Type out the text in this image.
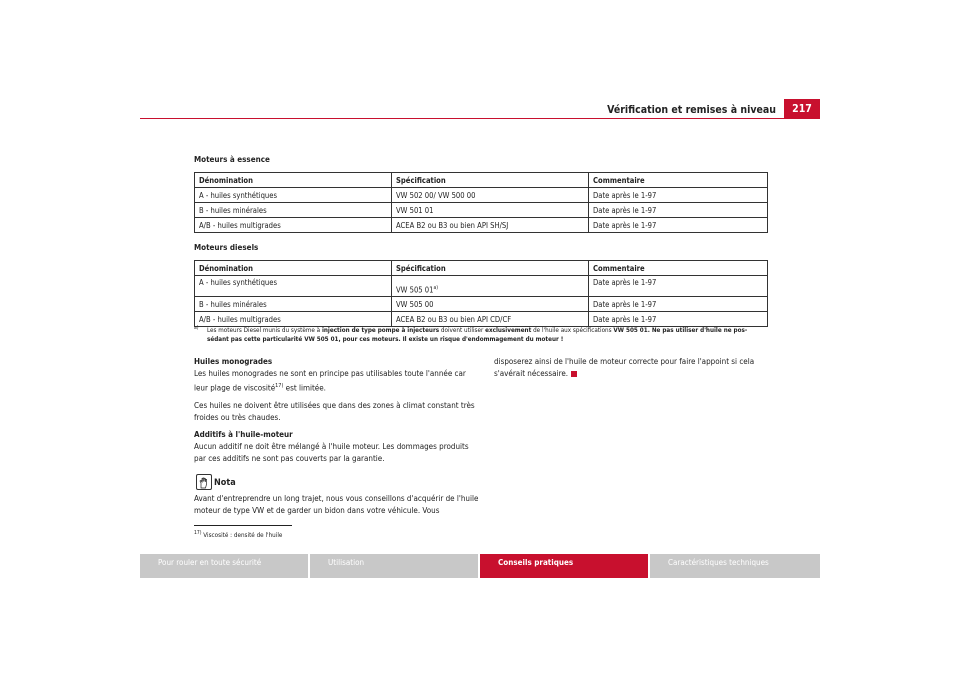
Vérification et remises à niveau	217
Moteurs à essence
Dénomination	Spécification	Commentaire
A - huiles synthétiques	VW 502 00/ VW 500 00	Date après le 1-97
B - huiles minérales	VW 501 01	Date après le 1-97
A/B - huiles multigrades	ACEA B2 ou B3 ou bien API SH/SJ	Date après le 1-97
Moteurs diesels
Dénomination	Spécification	Commentaire
A - huiles synthétiques	VW 505 01$^{a)}$	Date après le 1-97
B - huiles minérales	VW 505 00	Date après le 1-97
A/B - huiles multigrades	ACEA B2 ou B3 ou bien API CD/CF	Date après le 1-97
a)	Les moteurs Diesel munis du système à injection de type pompe à injecteurs doivent utiliser exclusivement de l'huile aux spécifications VW 505 01. Ne pas utiliser d'huile ne pos-sédant pas cette particularité VW 505 01, pour ces moteurs. Il existe un risque d'endommagement du moteur !

Huiles monogrades

Les huiles monogrades ne sont en principe pas utilisables toute l'année car leur plage de viscosité$^{17)}$ est limitée.

Ces huiles ne doivent être utilisées que dans des zones à climat constant très froides ou très chaudes.

Additifs à l'huile-moteur

Aucun additif ne doit être mélangé à l'huile moteur. Les dommages produits par ces additifs ne sont pas couverts par la garantie.

Nota

Avant d'entreprendre un long trajet, nous vous conseillons d'acquérir de l'huile moteur de type VW et de garder un bidon dans votre véhicule. Vous

disposerez ainsi de l'huile de moteur correcte pour faire l'appoint si cela s'avérait nécessaire.
$^{17)}$ Viscosité : densité de l'huile
Pour rouler en toute sécurité	Utilisation	Conseils pratiques	Caractéristiques techniques
